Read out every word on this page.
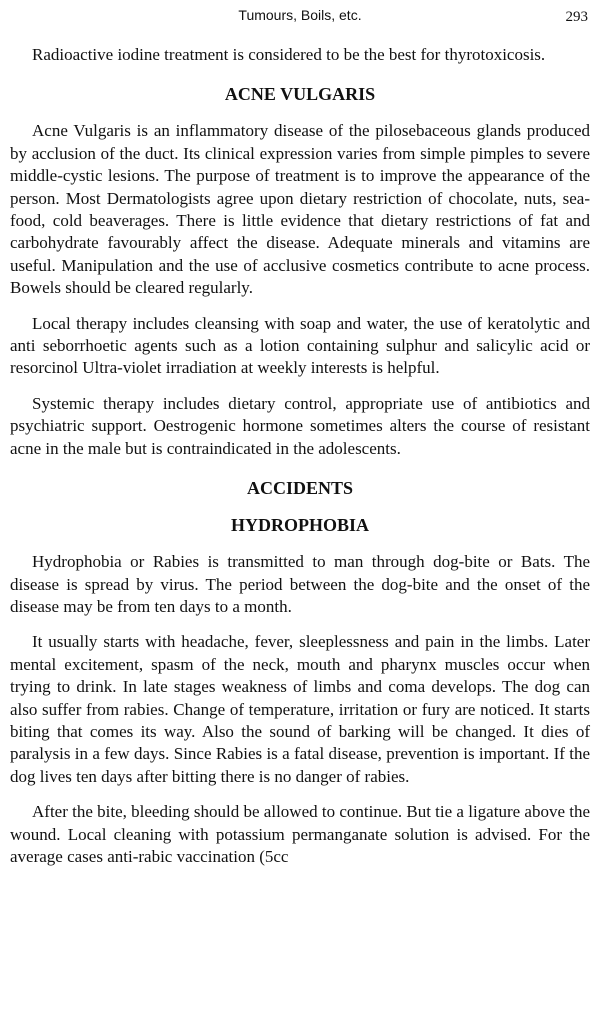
Tumours, Boils, etc.	293

Radioactive iodine treatment is considered to be the best for thyrotoxicosis.

ACNE VULGARIS

Acne Vulgaris is an inflammatory disease of the pilosebaceous glands produced by acclusion of the duct. Its clinical expression varies from simple pimples to severe middle-cystic lesions. The purpose of treatment is to improve the appearance of the person. Most Dermatologists agree upon dietary restriction of chocolate, nuts, sea-food, cold beaverages. There is little evidence that dietary restrictions of fat and carbohydrate favourably affect the disease. Adequate minerals and vitamins are useful. Manipulation and the use of acclusive cosmetics contribute to acne process. Bowels should be cleared regularly.

Local therapy includes cleansing with soap and water, the use of keratolytic and anti seborrhoetic agents such as a lotion containing sulphur and salicylic acid or resorcinol Ultra-violet irradiation at weekly interests is helpful.

Systemic therapy includes dietary control, appropriate use of antibiotics and psychiatric support. Oestrogenic hormone sometimes alters the course of resistant acne in the male but is contraindicated in the adolescents.

ACCIDENTS
HYDROPHOBIA

Hydrophobia or Rabies is transmitted to man through dog-bite or Bats. The disease is spread by virus. The period between the dog-bite and the onset of the disease may be from ten days to a month.

It usually starts with headache, fever, sleeplessness and pain in the limbs. Later mental excitement, spasm of the neck, mouth and pharynx muscles occur when trying to drink. In late stages weakness of limbs and coma develops. The dog can also suffer from rabies. Change of temperature, irritation or fury are noticed. It starts biting that comes its way. Also the sound of barking will be changed. It dies of paralysis in a few days. Since Rabies is a fatal disease, prevention is important. If the dog lives ten days after bitting there is no danger of rabies.

After the bite, bleeding should be allowed to continue. But tie a ligature above the wound. Local cleaning with potassium permanganate solution is advised. For the average cases anti-rabic vaccination (5cc
